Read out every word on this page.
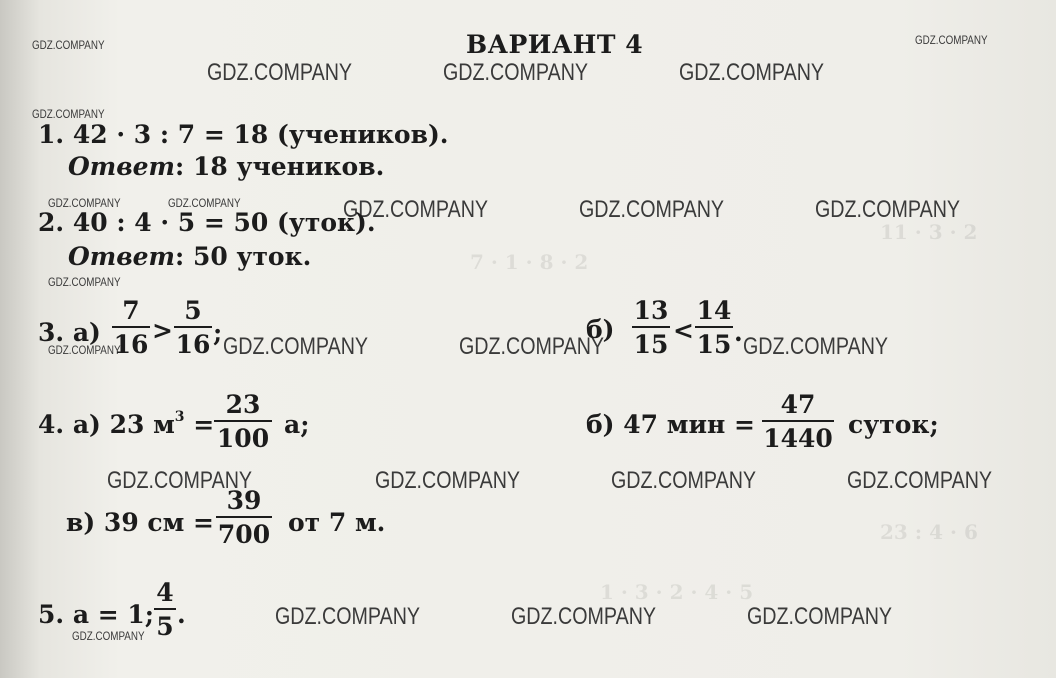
11 · 3 · 2
7 · 1 · 8 · 2
23 : 4 · 6
1 · 3 · 2 · 4 · 5
ВАРИАНТ 4
GDZ.COMPANY	GDZ.COMPANY
GDZ.COMPANY	GDZ.COMPANY	GDZ.COMPANY
GDZ.COMPANY
GDZ.COMPANY	GDZ.COMPANY	GDZ.COMPANY	GDZ.COMPANY	GDZ.COMPANY
GDZ.COMPANY
GDZ.COMPANY	GDZ.COMPANY	GDZ.COMPANY	GDZ.COMPANY
GDZ.COMPANY	GDZ.COMPANY	GDZ.COMPANY	GDZ.COMPANY
GDZ.COMPANY	GDZ.COMPANY	GDZ.COMPANY
GDZ.COMPANY
1. 42 · 3 : 7 = 18 (учеников).
Ответ: 18 учеников.
2. 40 : 4 · 5 = 50 (уток).
Ответ: 50 уток.
3. а)
7
16 >
5
16 ;	б)
13
15 <
14
15 .
4. а) 23 $м^3$ =
23
100 а;	б) 47 мин =
47
1440 суток;
в) 39 см =
39
700 от 7 м.
5. a = 1;
4
5 .
